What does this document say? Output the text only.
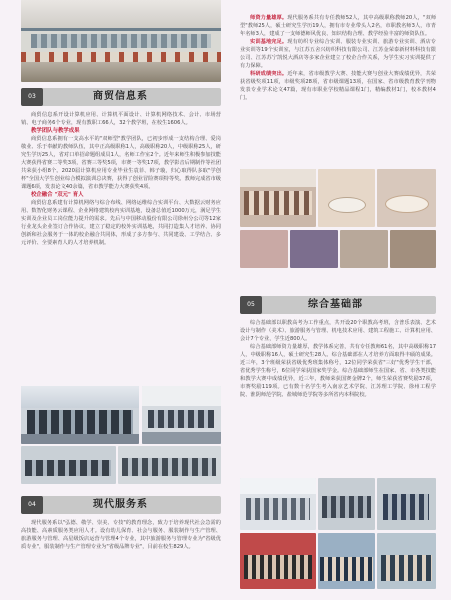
03	商贸信息系

商贸信息系开设计算机应用、计算机平面设计、计算机网络技术、会计、市场营销、电子商务6个专业，现有教职工66人，32个教学班，在校生1606人。

教学团队与教学成果

商贸信息系拥有一支高水平的"双师型"教学团队，已初步形成一支结构合理、爱岗敬业、乐于奉献的教师队伍，其中正高级职称1人，高级职称20人，中级职称25人，研究生学历25人，省对口单招命题组成员1人，名师工作室2个。近年来师生积极参加技能大赛获得省赛二等奖3项，省赛三等奖5项，市赛一等奖17项，教学影音后期制作等社团共荣获小组8个。2020届计算机应用专业毕业生袁菲、韩子璇，归心取得队多取"学创杯"全国大学生创业综合模拟演训总决赛，获得了创业冒险赛项特等奖。教师完成省市级课题6项，发表论文40余篇，省市教学能力大赛获奖4项。

校企融合 "双元" 育人

商贸信息系建有计算机网络与综合布线、网络运维综合实训平台、大数据云财务应用、数智化财务云课程、企业网络建筑校内实训基地，设备总值近1000万元，满足学生实训及企业员工岗位能力提升的需求。先后与中国移动股份有限公司徐州分公司等12家行业龙头企业签订合作协议，建立了稳定的校外实训基地，共同打造集人才培养、协同创新和社会服务于一体的校企融合共同体，形成了多方参与、共同建设、工学结合、多元评价、全要素育人的人才培养机制。

04	现代服务系

现代服务系以"弘德、敬学、崇美、专技"的教育理念，致力于培养现代社会急需的高技能、高素质服务类应用人才。设有幼儿保育、社会与服务、服装制作与生产管理、旅游服务与管理、高星级饭店运营与管理4个专业，其中旅游服务与管理专业为"省级优质专业"，服装制作与生产管理专业为"省级品牌专业"，目前在校生829人。

师资力量雄厚。现代服务系共有专任教师52人，其中高级职称教师20人，"双师型"教师25人，硕士研究生学历19人，拥有市专业带头人2名，市职教名师3人，市青年名师3人，建成了一支师德师风优良、知识结构合理、教学经验丰富的师资队伍。

实训基地完足。现有纺织专业综合实训、服装专业实训、旅游专业实训、酒店专业实训等19个实训室，与江苏五舍兴纺织科技有限公司、江苏金荣泰新材料科技有限公司、江苏苏宁凯悦大酒店等多家企业建立了校企合作关系，为学生实习实训提供了有力保障。

科研成绩突出。近年来，省市级教学大赛、技能大赛与创业大赛成绩优异，共荣获省级奖项11项，市级奖项28项，省市级课题13项，在国家、省市级教育教学刊物发表专业学术论文47篇，现有市职业学校精品课程1门，精编教材1门，校本教材4门。

05	综合基础部

综合基础部以职教高考为工作重点，共开设20个职教高考班，含普乐表演、艺术设计与制作（美术）、旅游服务与管理、机电技术应用、建筑工程施工、计算机应用、会计7个专业，学生近800人。

综合基础部师资力量雄厚，教学体系完善，共有专任教师61名，其中高级职称17人，中级职称16人，硕士研究生28人。综合基础部在人才培养方面取得丰硕的成果。近三年，3个班级荣获省级优秀班集体称号，12位同学荣获省"三好"优秀学生干部，省优秀学生称号，6位同学荣获国家奖学金。综合基础部师生在国家、省、市各类技能和教学大赛中成绩优异，近三年，教师荣获国赛金牌2个，师生荣获省赛奖励37项，市赛奖励119项。已有数十名学生考入南京艺术学院、江苏理工学院、徐州工程学院、淮阴师范学院、盐城师范学院等多所省内本科院校。
